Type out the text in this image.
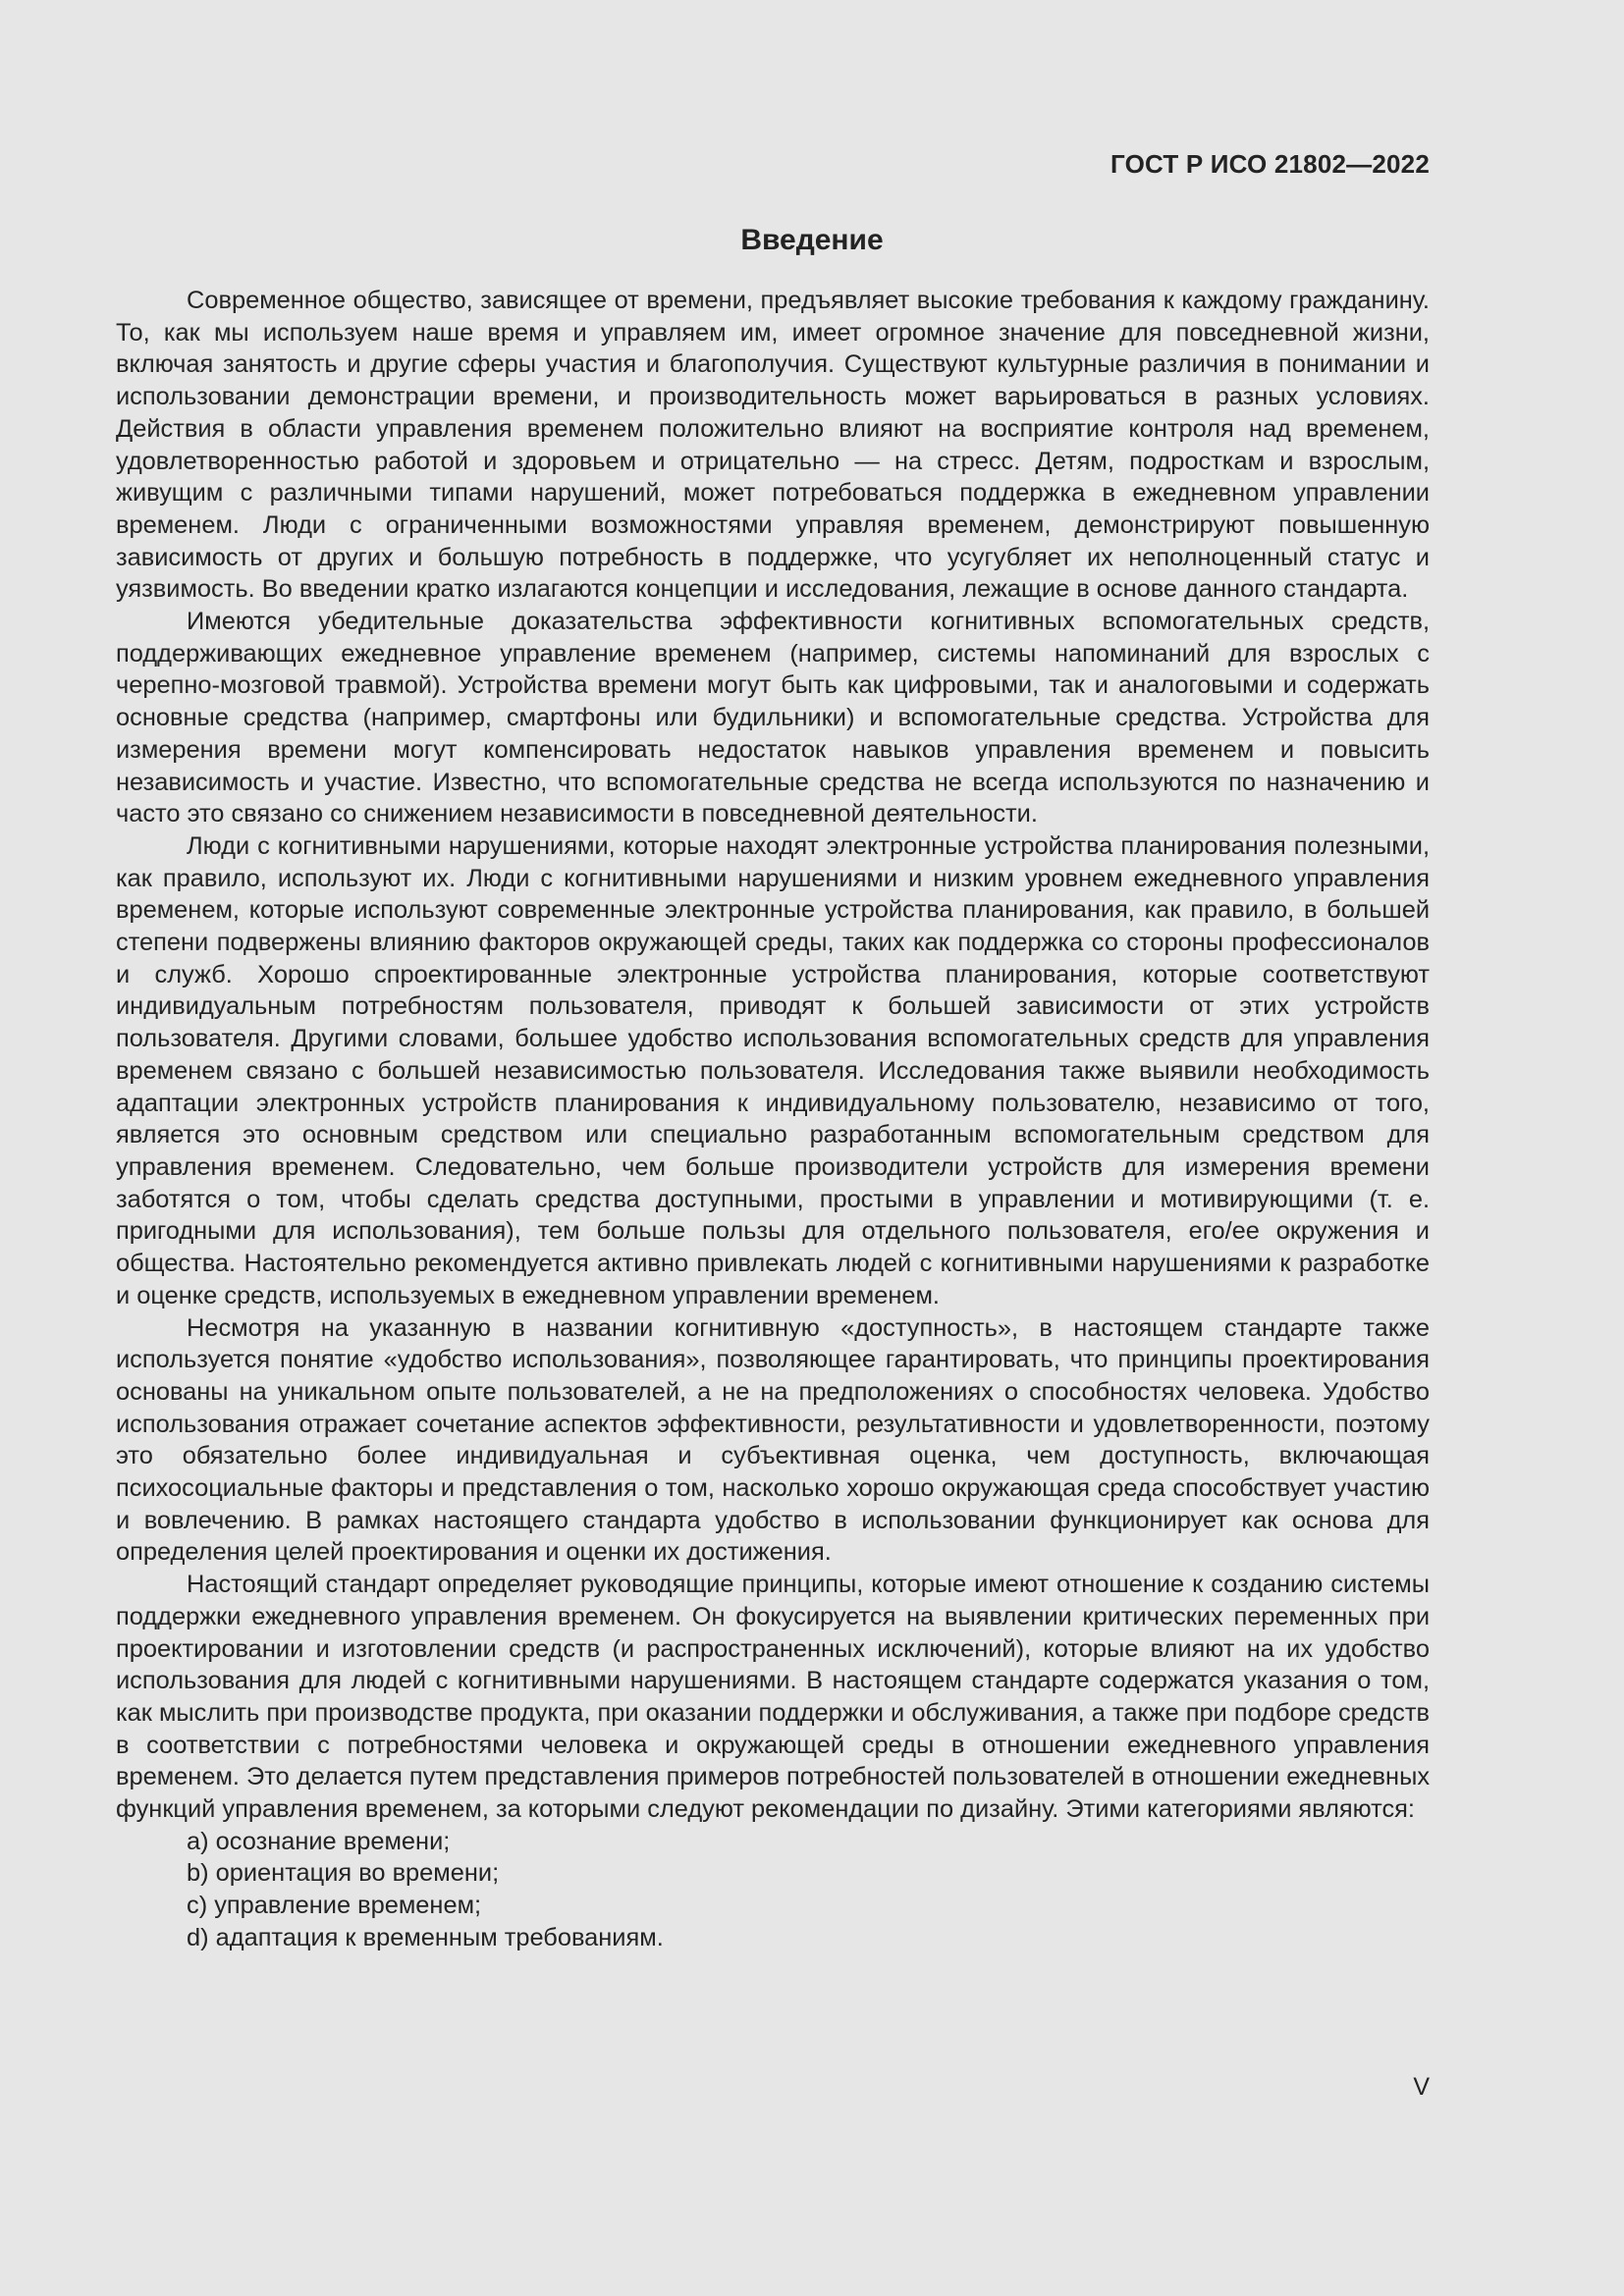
ГОСТ Р ИСО 21802—2022
Введение

Современное общество, зависящее от времени, предъявляет высокие требования к каждому гражданину. То, как мы используем наше время и управляем им, имеет огромное значение для повседневной жизни, включая занятость и другие сферы участия и благополучия. Существуют культурные различия в понимании и использовании демонстрации времени, и производительность может варьироваться в разных условиях. Действия в области управления временем положительно влияют на восприятие контроля над временем, удовлетворенностью работой и здоровьем и отрицательно — на стресс. Детям, подросткам и взрослым, живущим с различными типами нарушений, может потребоваться поддержка в ежедневном управлении временем. Люди с ограниченными возможностями управляя временем, демонстрируют повышенную зависимость от других и большую потребность в поддержке, что усугубляет их неполноценный статус и уязвимость. Во введении кратко излагаются концепции и исследования, лежащие в основе данного стандарта.

Имеются убедительные доказательства эффективности когнитивных вспомогательных средств, поддерживающих ежедневное управление временем (например, системы напоминаний для взрослых с черепно-мозговой травмой). Устройства времени могут быть как цифровыми, так и аналоговыми и содержать основные средства (например, смартфоны или будильники) и вспомогательные средства. Устройства для измерения времени могут компенсировать недостаток навыков управления временем и повысить независимость и участие. Известно, что вспомогательные средства не всегда используются по назначению и часто это связано со снижением независимости в повседневной деятельности.

Люди с когнитивными нарушениями, которые находят электронные устройства планирования полезными, как правило, используют их. Люди с когнитивными нарушениями и низким уровнем ежедневного управления временем, которые используют современные электронные устройства планирования, как правило, в большей степени подвержены влиянию факторов окружающей среды, таких как поддержка со стороны профессионалов и служб. Хорошо спроектированные электронные устройства планирования, которые соответствуют индивидуальным потребностям пользователя, приводят к большей зависимости от этих устройств пользователя. Другими словами, большее удобство использования вспомогательных средств для управления временем связано с большей независимостью пользователя. Исследования также выявили необходимость адаптации электронных устройств планирования к индивидуальному пользователю, независимо от того, является это основным средством или специально разработанным вспомогательным средством для управления временем. Следовательно, чем больше производители устройств для измерения времени заботятся о том, чтобы сделать средства доступными, простыми в управлении и мотивирующими (т. е. пригодными для использования), тем больше пользы для отдельного пользователя, его/ее окружения и общества. Настоятельно рекомендуется активно привлекать людей с когнитивными нарушениями к разработке и оценке средств, используемых в ежедневном управлении временем.

Несмотря на указанную в названии когнитивную «доступность», в настоящем стандарте также используется понятие «удобство использования», позволяющее гарантировать, что принципы проектирования основаны на уникальном опыте пользователей, а не на предположениях о способностях человека. Удобство использования отражает сочетание аспектов эффективности, результативности и удовлетворенности, поэтому это обязательно более индивидуальная и субъективная оценка, чем доступность, включающая психосоциальные факторы и представления о том, насколько хорошо окружающая среда способствует участию и вовлечению. В рамках настоящего стандарта удобство в использовании функционирует как основа для определения целей проектирования и оценки их достижения.

Настоящий стандарт определяет руководящие принципы, которые имеют отношение к созданию системы поддержки ежедневного управления временем. Он фокусируется на выявлении критических переменных при проектировании и изготовлении средств (и распространенных исключений), которые влияют на их удобство использования для людей с когнитивными нарушениями. В настоящем стандарте содержатся указания о том, как мыслить при производстве продукта, при оказании поддержки и обслуживания, а также при подборе средств в соответствии с потребностями человека и окружающей среды в отношении ежедневного управления временем. Это делается путем представления примеров потребностей пользователей в отношении ежедневных функций управления временем, за которыми следуют рекомендации по дизайну. Этими категориями являются:

a) осознание времени;
b) ориентация во времени;
c) управление временем;
d) адаптация к временным требованиям.
V
